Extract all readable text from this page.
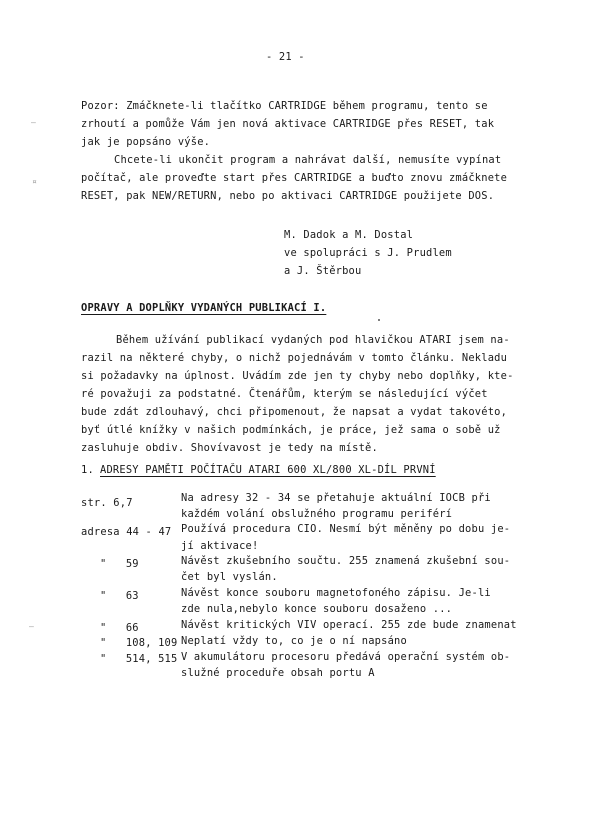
- 21 -
Pozor: Zmáčknete-li tlačítko CARTRIDGE během programu, tento se
zrhoutí a pomůže Vám jen nová aktivace CARTRIDGE přes RESET, tak
jak je popsáno výše.
Chcete-li ukončit program a nahrávat další, nemusíte vypínat
počítač, ale proveďte start přes CARTRIDGE a buďto znovu zmáčknete
RESET, pak NEW/RETURN, nebo po aktivaci CARTRIDGE použijete DOS.
M. Dadok a M. Dostal
ve spolupráci s J. Prudlem
a J. Štěrbou
OPRAVY A DOPLŇKY VYDANÝCH PUBLIKACÍ I.
Během užívání publikací vydaných pod hlavičkou ATARI jsem na-
razil na některé chyby, o nichž pojednávám v tomto článku. Nekladu
si požadavky na úplnost. Uvádím zde jen ty chyby nebo doplňky, kte-
ré považuji za podstatné. Čtenářům, kterým se následující výčet
bude zdát zdlouhavý, chci připomenout, že napsat a vydat takovéto,
byť útlé knížky v našich podmínkách, je práce, jež sama o sobě už
zasluhuje obdiv. Shovívavost je tedy na místě.
1. ADRESY PAMĚTI POČÍTAČU ATARI 600 XL/800 XL-DÍL PRVNÍ
str. 6,7	Na adresy 32 - 34 se přetahuje aktuální IOCB při
každém volání obslužného programu periférí
adresa 44 - 47 Používá procedura CIO. Nesmí být měněny po dobu je-
jí aktivace!
"   59	Návěst zkušebního součtu. 255 znamená zkušební sou-
čet byl vyslán.
"   63	Návěst konce souboru magnetofoného zápisu. Je-li
zde nula,nebylo konce souboru dosaženo ...
"   66	Návěst kritických VIV operací. 255 zde bude znamenat
"   108, 109 Neplatí vždy to, co je o ní napsáno
"   514, 515 V akumulátoru procesoru předává operační systém ob-
služné proceduře obsah portu A
–
¤
–
